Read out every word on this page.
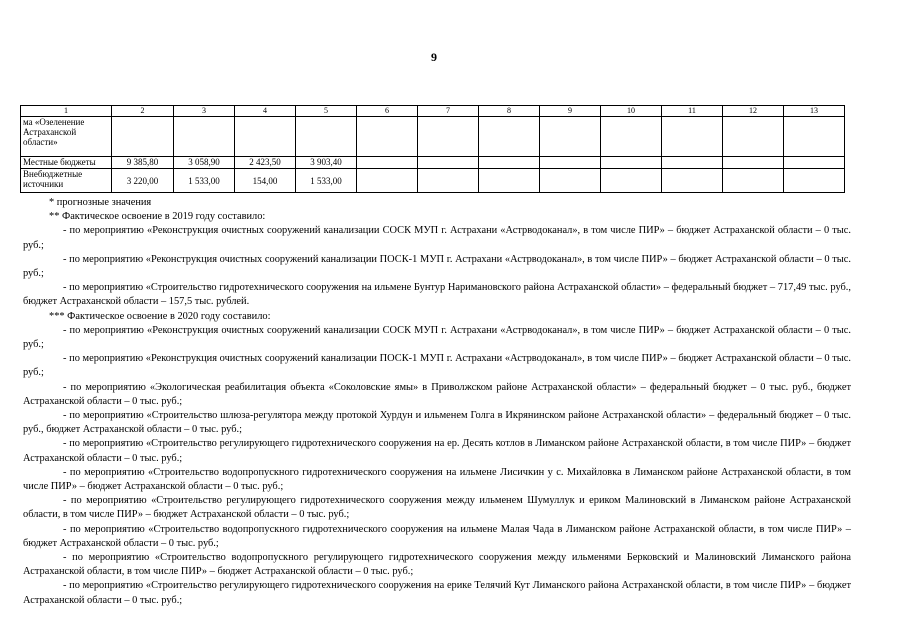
9
1	2	3	4	5	6	7	8	9	10	11	12	13
ма «Озеленение Астраханской области»												
Местные бюджеты	9 385,80	3 058,90	2 423,50	3 903,40								
Внебюджетные источники	3 220,00	1 533,00	154,00	1 533,00								

* прогнозные значения

** Фактическое освоение в 2019 году составило:

- по мероприятию «Реконструкция очистных сооружений канализации СОСК МУП г. Астрахани «Астрводоканал», в том числе ПИР» – бюджет Астраханской области – 0 тыс. руб.;

- по мероприятию «Реконструкция очистных сооружений канализации ПОСК-1 МУП г. Астрахани «Астрводоканал», в том числе ПИР» – бюджет Астраханской области – 0 тыс. руб.;

- по мероприятию «Строительство гидротехнического сооружения на ильмене Бунтур Наримановского района Астраханской области» – федеральный бюджет – 717,49 тыс. руб., бюджет Астраханской области – 157,5 тыс. рублей.

*** Фактическое освоение в 2020 году составило:

- по мероприятию «Реконструкция очистных сооружений канализации СОСК МУП г. Астрахани «Астрводоканал», в том числе ПИР» – бюджет Астраханской области – 0 тыс. руб.;

- по мероприятию «Реконструкция очистных сооружений канализации ПОСК-1 МУП г. Астрахани «Астрводоканал», в том числе ПИР» – бюджет Астраханской области – 0 тыс. руб.;

- по мероприятию «Экологическая реабилитация объекта «Соколовские ямы» в Приволжском районе Астраханской области» – федеральный бюджет – 0 тыс. руб., бюджет Астраханской области – 0 тыс. руб.;

- по мероприятию «Строительство шлюза-регулятора между протокой Хурдун и ильменем Голга в Икрянинском районе Астраханской области» – федеральный бюджет – 0 тыс. руб., бюджет Астраханской области – 0 тыс. руб.;

- по мероприятию «Строительство регулирующего гидротехнического сооружения на ер. Десять котлов в Лиманском районе Астраханской области, в том числе ПИР» – бюджет Астраханской области – 0 тыс. руб.;

- по мероприятию «Строительство водопропускного гидротехнического сооружения на ильмене Лисичкин у с. Михайловка в Лиманском районе Астраханской области, в том числе ПИР» – бюджет Астраханской области – 0 тыс. руб.;

- по мероприятию «Строительство регулирующего гидротехнического сооружения между ильменем Шумуллук и ериком Малиновский в Лиманском районе Астраханской области, в том числе ПИР» – бюджет Астраханской области – 0 тыс. руб.;

- по мероприятию «Строительство водопропускного гидротехнического сооружения на ильмене Малая Чада в Лиманском районе Астраханской области, в том числе ПИР» – бюджет Астраханской области – 0 тыс. руб.;

- по мероприятию «Строительство водопропускного регулирующего гидротехнического сооружения между ильменями Берковский и Малиновский Лиманского района Астраханской области, в том числе ПИР» – бюджет Астраханской области – 0 тыс. руб.;

- по мероприятию «Строительство регулирующего гидротехнического сооружения на ерике Телячий Кут Лиманского района Астраханской области, в том числе ПИР» – бюджет Астраханской области – 0 тыс. руб.;
